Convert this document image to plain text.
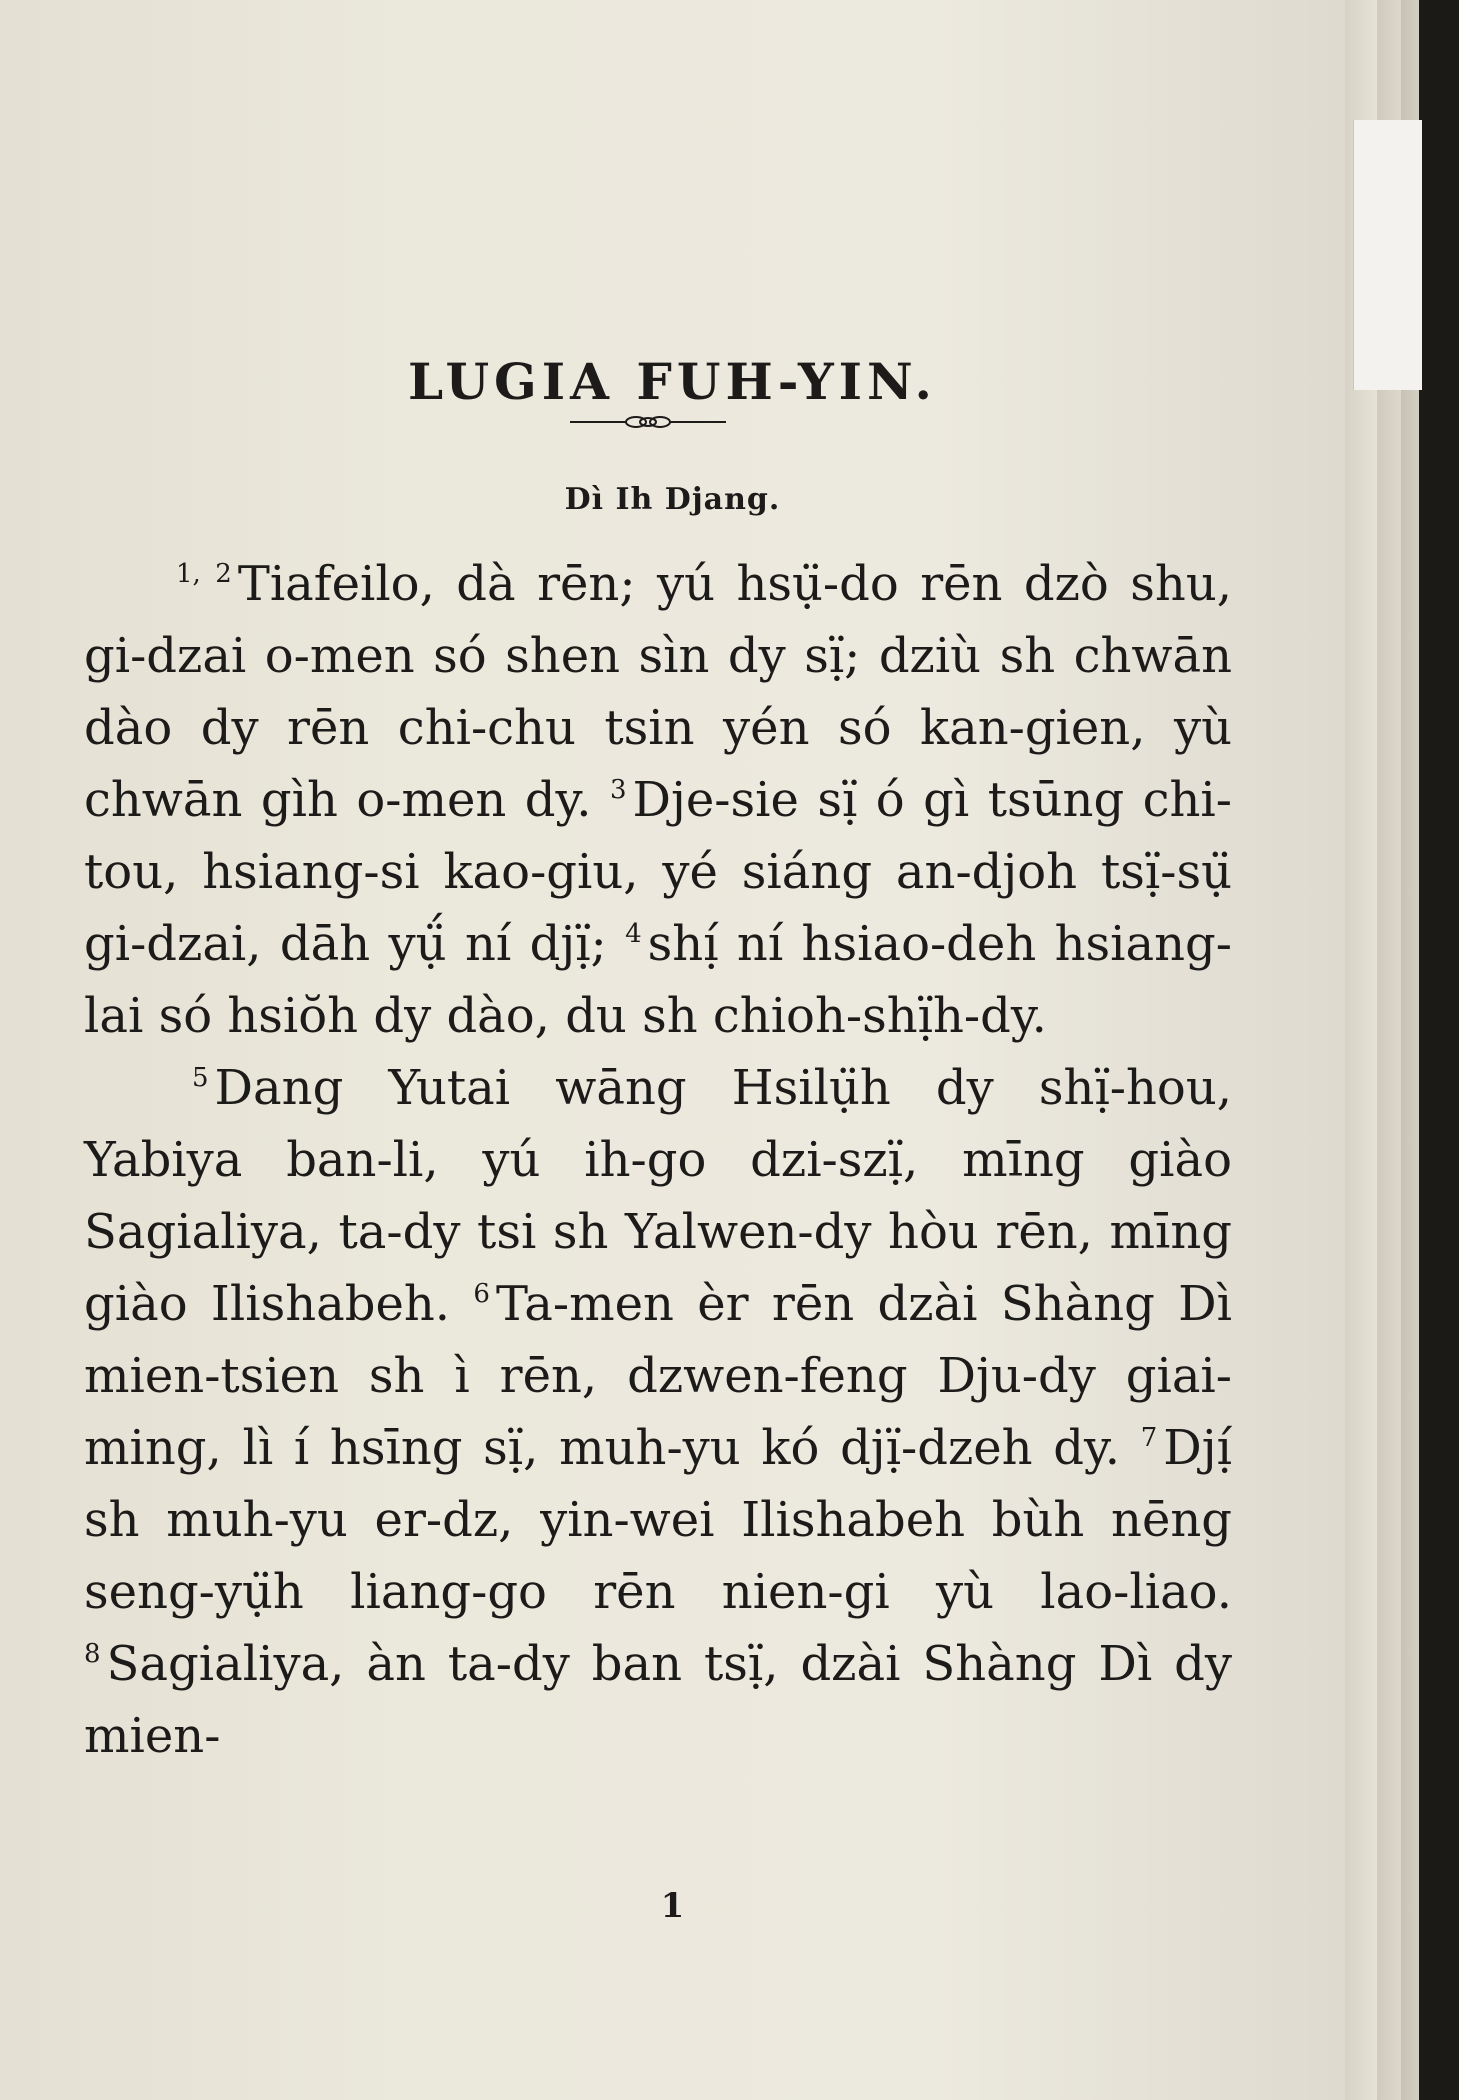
LUGIA FUH-YIN.
Dì Ih Djang.

$^{1, 2}$ Tiafeilo, dà rēn; yú hsụ̈-do rēn dzò shu, gi-dzai o-men só shen sìn dy sị̈; dziù sh chwān dào dy rēn chi-chu tsin yén só kan-gien, yù chwān gìh o-men dy. $^3$ Dje-sie sị̈ ó gì tsūng chi-tou, hsiang-si kao-giu, yé siáng an-djoh tsị̈-sụ̈ gi-dzai, dāh yụ̈́ ní djị̈; $^4$ shị́ ní hsiao-deh hsiang-lai só hsiŏh dy dào, du sh chioh-shị̈h-dy.

$^5$ Dang Yutai wāng Hsilụ̈h dy shị̈-hou, Yabiya ban-li, yú ih-go dzi-szị̈, mīng giào Sagialiya, ta-dy tsi sh Yalwen-dy hòu rēn, mīng giào Ilishabeh. $^6$ Ta-men èr rēn dzài Shàng Dì mien-tsien sh ì rēn, dzwen-feng Dju-dy giai-ming, lì í hsīng sị̈, muh-yu kó djị̈-dzeh dy. $^7$ Djị́ sh muh-yu er-dz, yin-wei Ilishabeh bùh nēng seng-yụ̈h liang-go rēn nien-gi yù lao-liao. $^8$ Sagialiya, àn ta-dy ban tsị̈, dzài Shàng Dì dy mien-

1
